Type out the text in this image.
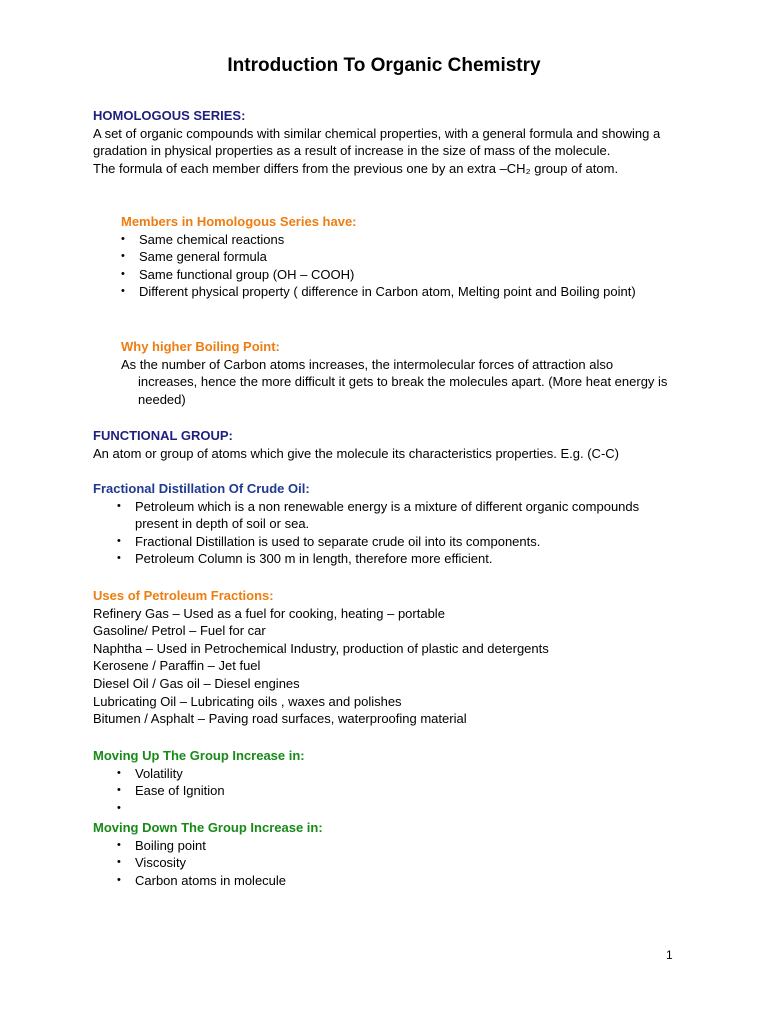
Introduction To Organic Chemistry

HOMOLOGOUS SERIES:

A set of organic compounds with similar chemical properties, with a general formula and showing a gradation in physical properties as a result of increase in the size of mass of the molecule.

The formula of each member differs from the previous one by an extra –CH₂ group of atom.

Members in Homologous Series have:

• Same chemical reactions
• Same general formula
• Same functional group (OH – COOH)
• Different physical property ( difference in Carbon atom, Melting point and Boiling point)

Why higher Boiling Point:

As the number of Carbon atoms increases, the intermolecular forces of attraction also increases, hence the more difficult it gets to break the molecules apart. (More heat energy is needed)

FUNCTIONAL GROUP:

An atom or group of atoms which give the molecule its characteristics properties. E.g. (C-C)

Fractional Distillation Of Crude Oil:

• Petroleum which is a non renewable energy is a mixture of different organic compounds present in depth of soil or sea.
• Fractional Distillation is used to separate crude oil into its components.
• Petroleum Column is 300 m in length, therefore more efficient.

Uses of Petroleum Fractions:

Refinery Gas – Used as a fuel for cooking, heating – portable

Gasoline/ Petrol – Fuel for car

Naphtha – Used in Petrochemical Industry, production of plastic and detergents

Kerosene / Paraffin – Jet fuel

Diesel Oil / Gas oil – Diesel engines

Lubricating Oil – Lubricating oils , waxes and polishes

Bitumen / Asphalt – Paving road surfaces, waterproofing material

Moving Up The Group Increase in:

• Volatility
• Ease of Ignition
•

Moving Down The Group Increase in:

• Boiling point
• Viscosity
• Carbon atoms in molecule
1
